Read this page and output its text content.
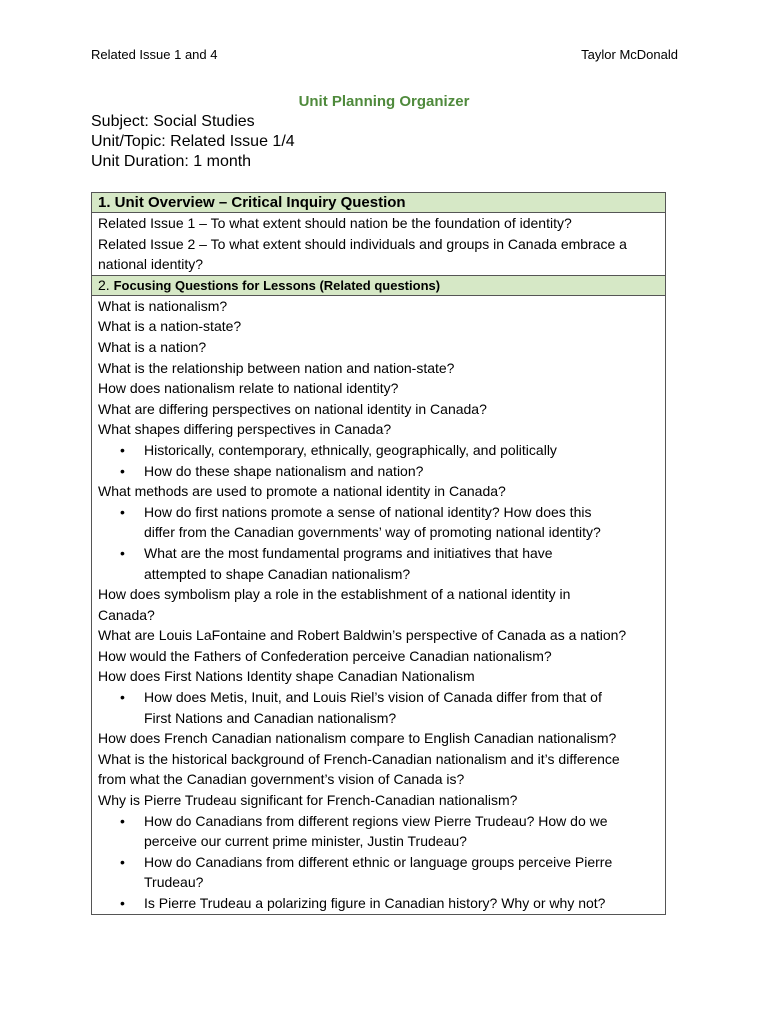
Related Issue 1 and 4	Taylor McDonald
Unit Planning Organizer
Subject: Social Studies
Unit/Topic: Related Issue 1/4
Unit Duration: 1 month
1. Unit Overview – Critical Inquiry Question

Related Issue 1 – To what extent should nation be the foundation of identity?
Related Issue 2 – To what extent should individuals and groups in Canada embrace a
national identity?

2. Focusing Questions for Lessons (Related questions)

What is nationalism?
What is a nation-state?
What is a nation?
What is the relationship between nation and nation-state?
How does nationalism relate to national identity?
What are differing perspectives on national identity in Canada?
What shapes differing perspectives in Canada?
• Historically, contemporary, ethnically, geographically, and politically
• How do these shape nationalism and nation?
What methods are used to promote a national identity in Canada?
• How do first nations promote a sense of national identity? How does this
differ from the Canadian governments’ way of promoting national identity?
• What are the most fundamental programs and initiatives that have
attempted to shape Canadian nationalism?
How does symbolism play a role in the establishment of a national identity in
Canada?
What are Louis LaFontaine and Robert Baldwin’s perspective of Canada as a nation?
How would the Fathers of Confederation perceive Canadian nationalism?
How does First Nations Identity shape Canadian Nationalism
• How does Metis, Inuit, and Louis Riel’s vision of Canada differ from that of
First Nations and Canadian nationalism?
How does French Canadian nationalism compare to English Canadian nationalism?
What is the historical background of French-Canadian nationalism and it’s difference
from what the Canadian government’s vision of Canada is?
Why is Pierre Trudeau significant for French-Canadian nationalism?
• How do Canadians from different regions view Pierre Trudeau? How do we
perceive our current prime minister, Justin Trudeau?
• How do Canadians from different ethnic or language groups perceive Pierre
Trudeau?
• Is Pierre Trudeau a polarizing figure in Canadian history? Why or why not?
